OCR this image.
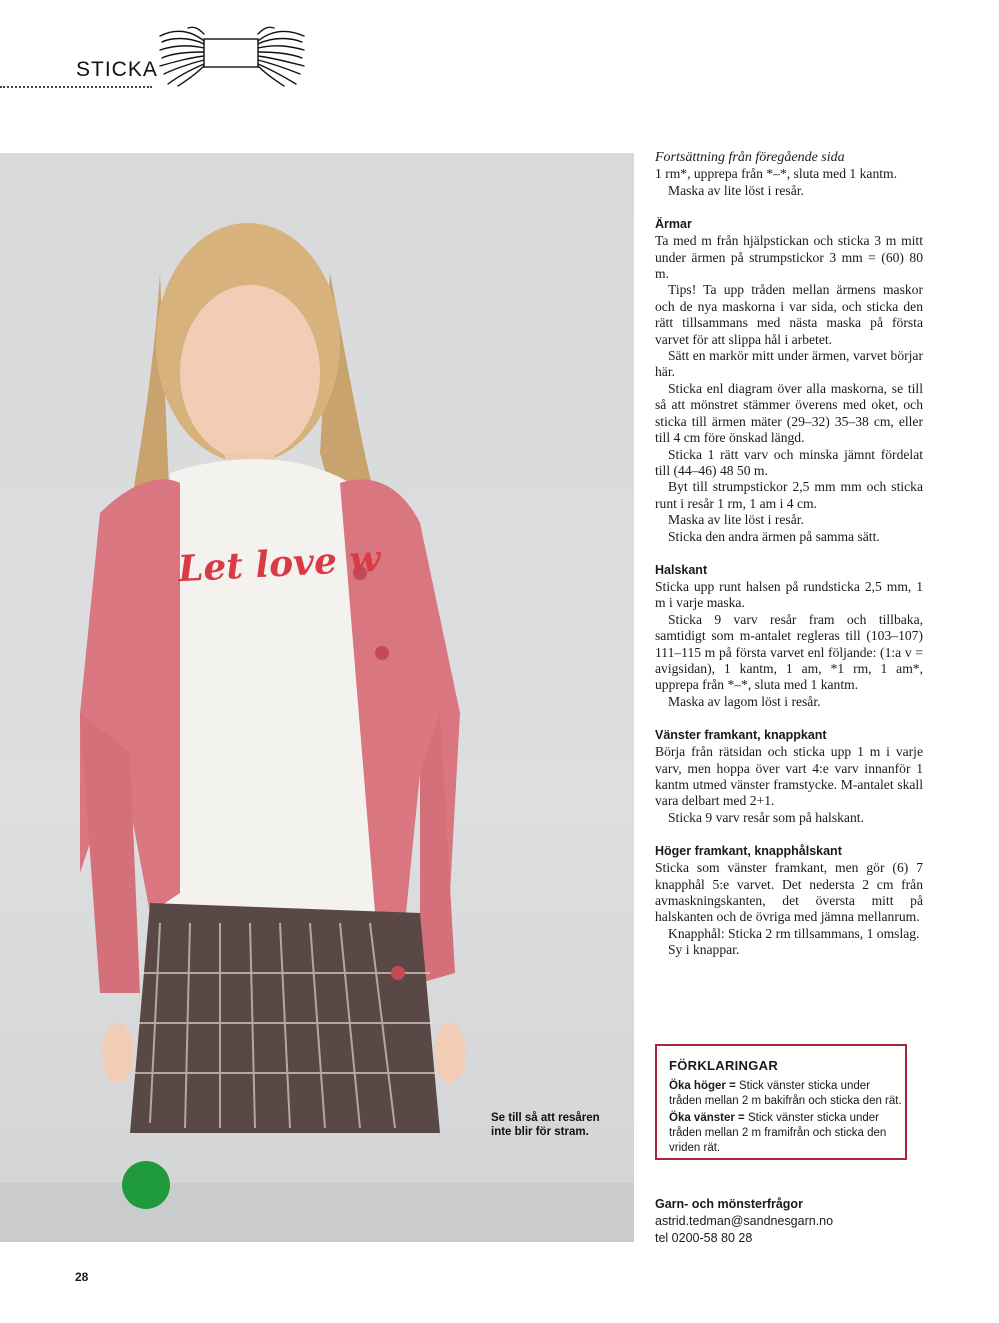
STICKA
Let love w
Se till så att resåren inte blir för stram.

Fortsättning från föregående sida

1 rm*, upprepa från *–*, sluta med 1 kantm.

Maska av lite löst i resår.

Ärmar

Ta med m från hjälpstickan och sticka 3 m mitt under ärmen på strumpstickor 3 mm = (60) 80 m.

Tips! Ta upp tråden mellan ärmens maskor och de nya maskorna i var sida, och sticka den rätt tillsammans med nästa maska på första varvet för att slippa hål i arbetet.

Sätt en markör mitt under ärmen, varvet börjar här.

Sticka enl diagram över alla maskorna, se till så att mönstret stämmer överens med oket, och sticka till ärmen mäter (29–32) 35–38 cm, eller till 4 cm före önskad längd.

Sticka 1 rätt varv och minska jämnt fördelat till (44–46) 48 50 m.

Byt till strumpstickor 2,5 mm mm och sticka runt i resår 1 rm, 1 am i 4 cm.

Maska av lite löst i resår.

Sticka den andra ärmen på samma sätt.

Halskant

Sticka upp runt halsen på rundsticka 2,5 mm, 1 m i varje maska.

Sticka 9 varv resår fram och tillbaka, samtidigt som m-antalet regleras till (103–107) 111–115 m på första varvet enl följande: (1:a v = avigsidan), 1 kantm, 1 am, *1 rm, 1 am*, upprepa från *–*, sluta med 1 kantm.

Maska av lagom löst i resår.

Vänster framkant, knappkant

Börja från rätsidan och sticka upp 1 m i varje varv, men hoppa över vart 4:e varv innanför 1 kantm utmed vänster framstycke. M-antalet skall vara delbart med 2+1.

Sticka 9 varv resår som på halskant.

Höger framkant, knapphålskant

Sticka som vänster framkant, men gör (6) 7 knapphål 5:e varvet. Det nedersta 2 cm från avmaskningskanten, det översta mitt på halskanten och de övriga med jämna mellanrum.

Knapphål: Sticka 2 rm tillsammans, 1 omslag.

Sy i knappar.

FÖRKLARINGAR

Öka höger = Stick vänster sticka under tråden mellan 2 m bakifrån och sticka den rät.

Öka vänster = Stick vänster sticka under tråden mellan 2 m framifrån och sticka den vriden rät.

Garn- och mönsterfrågor
astrid.tedman@sandnesgarn.no
tel 0200-58 80 28
28
